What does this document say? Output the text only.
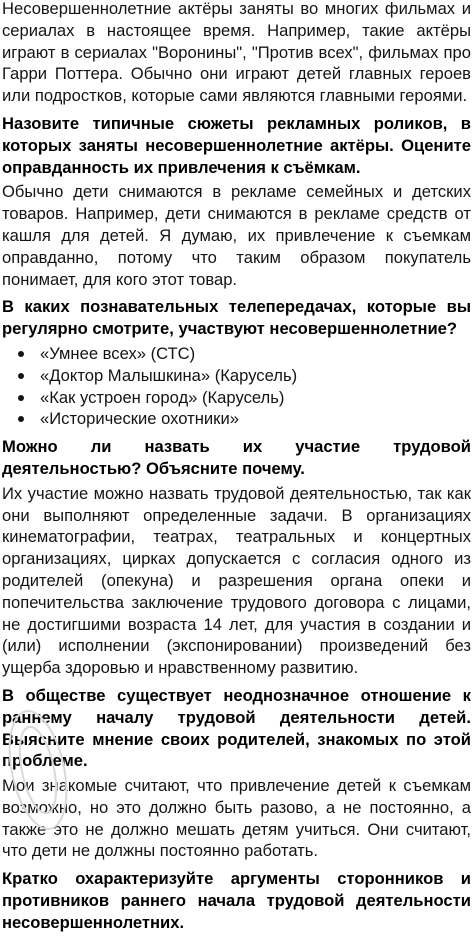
Несовершеннолетние актёры заняты во многих фильмах и сериалах в настоящее время. Например, такие актёры играют в сериалах "Воронины", "Против всех", фильмах про Гарри Поттера. Обычно они играют детей главных героев или подростков, которые сами являются главными героями.

Назовите типичные сюжеты рекламных роликов, в которых заняты несовершеннолетние актёры. Оцените оправданность их привлечения к съёмкам.

Обычно дети снимаются в рекламе семейных и детских товаров. Например, дети снимаются в рекламе средств от кашля для детей. Я думаю, их привлечение к съемкам оправданно, потому что таким образом покупатель понимает, для кого этот товар.

В каких познавательных телепередачах, которые вы регулярно смотрите, участвуют несовершеннолетние?

«Умнее всех» (СТС)
«Доктор Малышкина» (Карусель)
«Как устроен город» (Карусель)
«Исторические охотники»

Можно ли назвать их участие трудовой деятельностью? Объясните почему.

Их участие можно назвать трудовой деятельностью, так как они выполняют определенные задачи. В организациях кинематографии, театрах, театральных и концертных организациях, цирках допускается с согласия одного из родителей (опекуна) и разрешения органа опеки и попечительства заключение трудового договора с лицами, не достигшими возраста 14 лет, для участия в создании и (или) исполнении (экспонировании) произведений без ущерба здоровью и нравственному развитию.

В обществе существует неоднозначное отношение к раннему началу трудовой деятельности детей. Выясните мнение своих родителей, знакомых по этой проблеме.

Мои знакомые считают, что привлечение детей к съемкам возможно, но это должно быть разово, а не постоянно, а также это не должно мешать детям учиться. Они считают, что дети не должны постоянно работать.

Кратко охарактеризуйте аргументы сторонников и противников раннего начала трудовой деятельности несовершеннолетних.
